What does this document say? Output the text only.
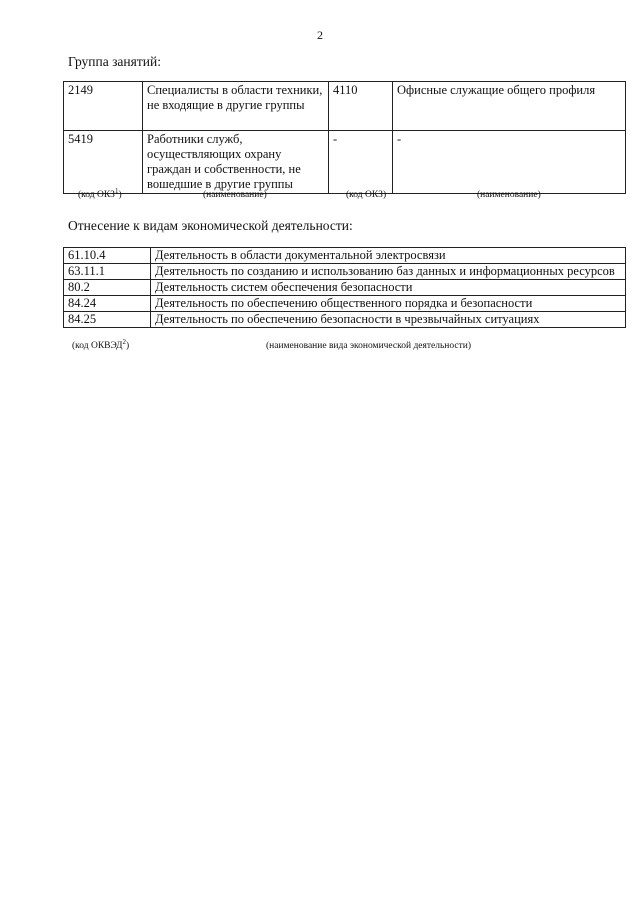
2
Группа занятий:
2149	Специалисты в области техники, не входящие в другие группы	4110	Офисные служащие общего профиля
5419	Работники служб, осуществляющих охрану граждан и собственности, не вошедшие в другие группы	-	-
(код ОКЗ$^1$)	(наименование)	(код ОКЗ)	(наименование)
Отнесение к видам экономической деятельности:
61.10.4	Деятельность в области документальной электросвязи
63.11.1	Деятельность по созданию и использованию баз данных и информационных ресурсов
80.2	Деятельность систем обеспечения безопасности
84.24	Деятельность по обеспечению общественного порядка и безопасности
84.25	Деятельность по обеспечению безопасности в чрезвычайных ситуациях
(код ОКВЭД$^2$)	(наименование вида экономической деятельности)
